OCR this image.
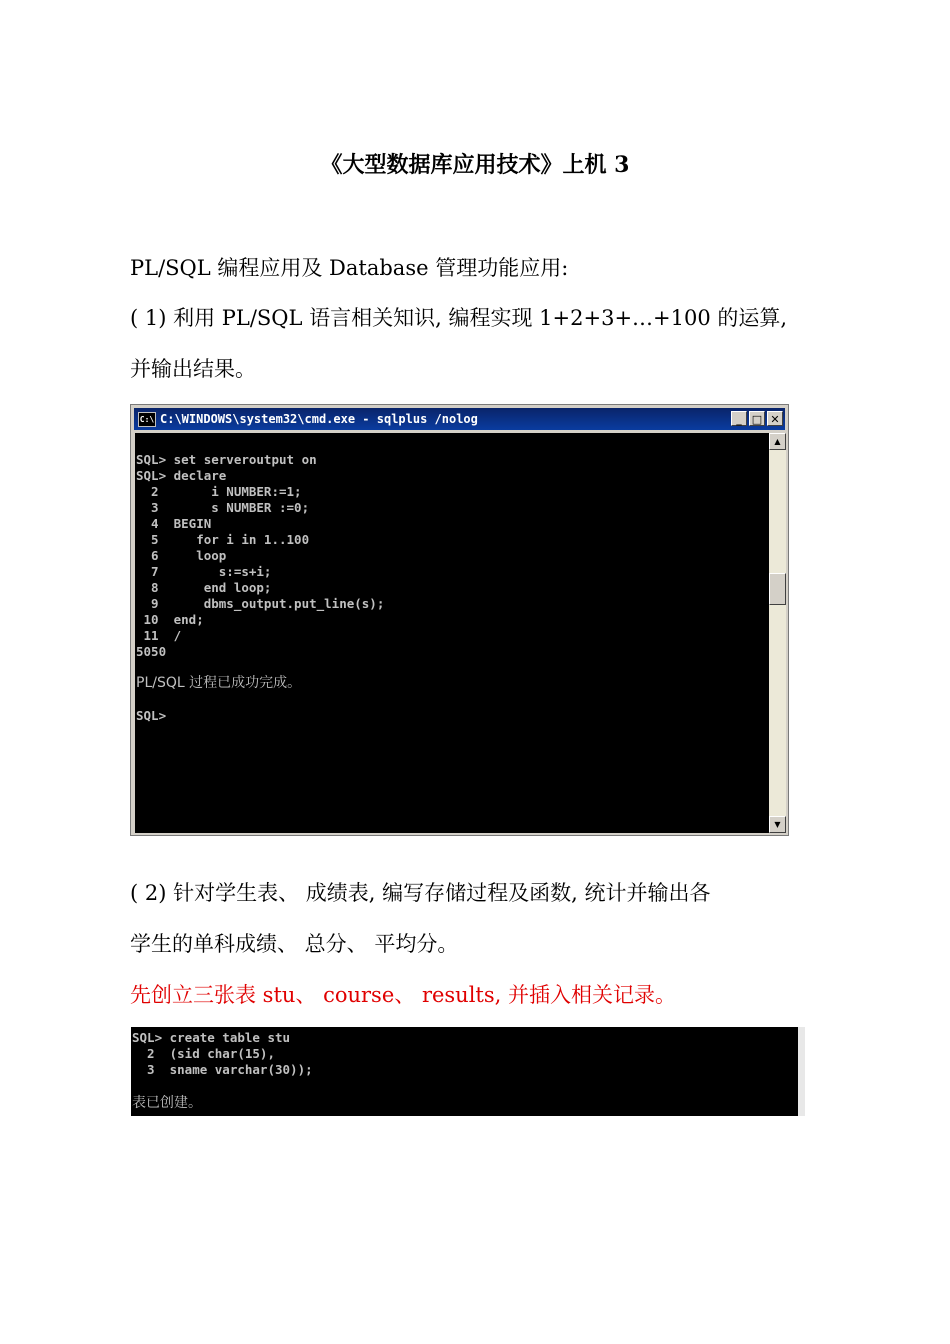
《大型数据库应用技术》上机 3
PL/SQL 编程应用及 Database 管理功能应用:
( 1) 利用 PL/SQL 语言相关知识, 编程实现 1+2+3+…+100 的运算,
并输出结果。
C:\ C:\WINDOWS\system32\cmd.exe - sqlplus /nolog	_ □ ✕
SQL> set serveroutput on
SQL> declare
2       i NUMBER:=1;
3       s NUMBER :=0;
4  BEGIN
5     for i in 1..100
6     loop
7        s:=s+i;
8      end loop;
9      dbms_output.put_line(s);
10  end;
11  /
5050
PL/SQL 过程已成功完成。
SQL>
▲
▼
( 2) 针对学生表、 成绩表, 编写存储过程及函数, 统计并输出各
学生的单科成绩、 总分、 平均分。
先创立三张表 stu、 course、 results, 并插入相关记录。
SQL> create table stu
2  (sid char(15),
3  sname varchar(30));
表已创建。
